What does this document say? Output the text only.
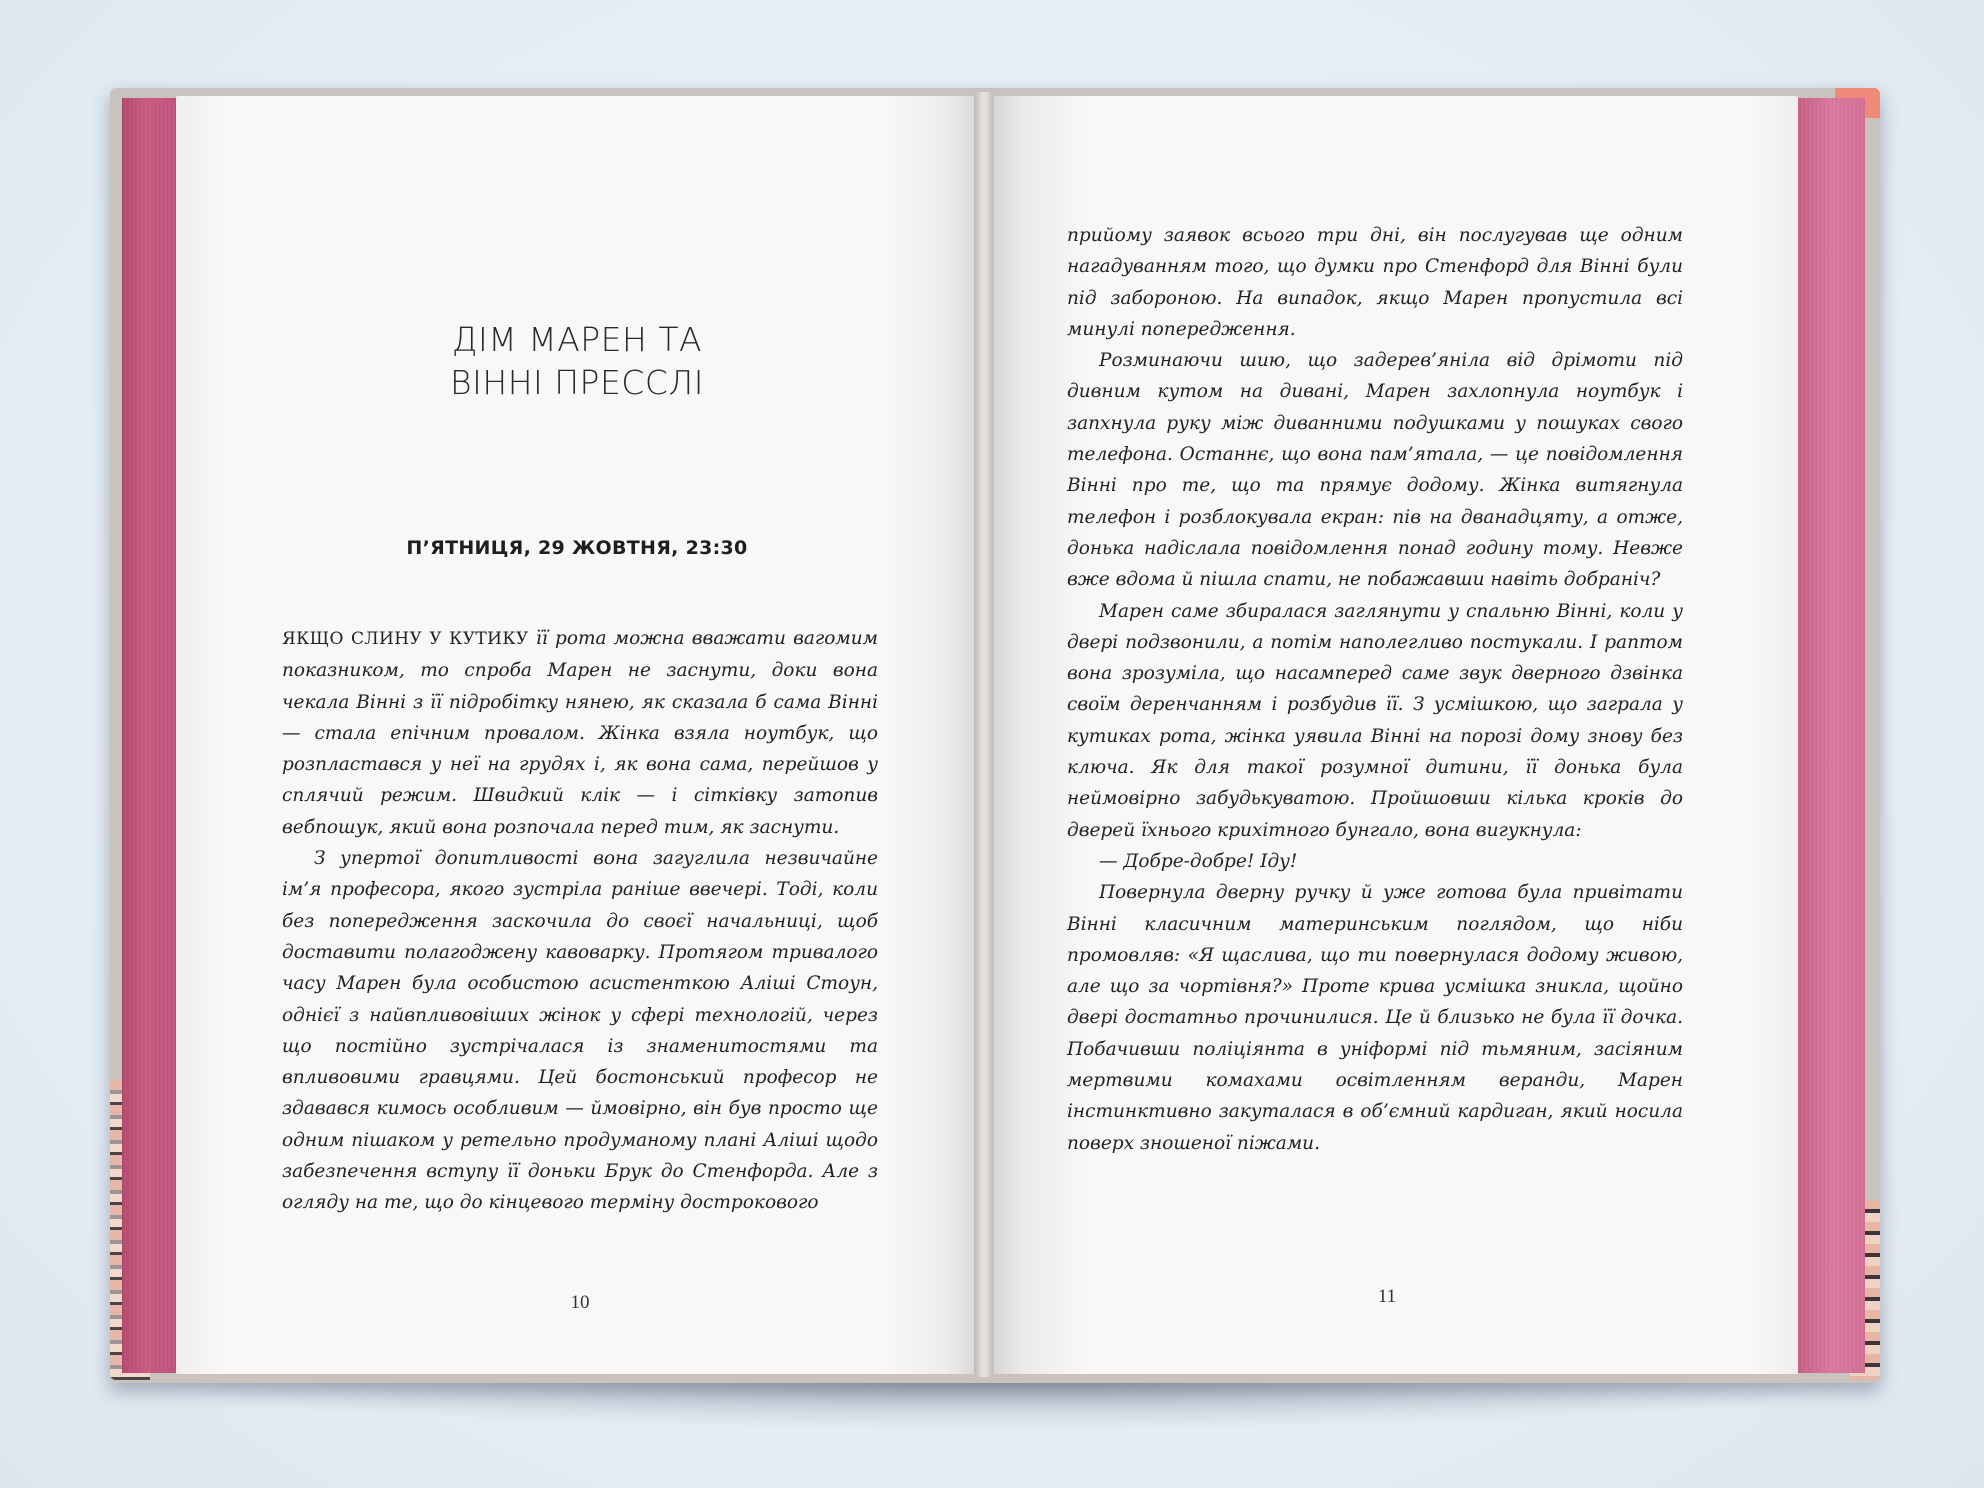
ДІМ МАРЕН ТА
ВІННІ ПРЕССЛІ
П’ЯТНИЦЯ, 29 ЖОВТНЯ, 23:30

ЯКЩО СЛИНУ У КУТИКУ її рота можна вважати вагомим показником, то спроба Марен не заснути, доки вона чекала Вінні з її підробітку нянею, як сказала б сама Вінні — стала епічним провалом. Жінка взяла ноутбук, що розпластався у неї на грудях і, як вона сама, перейшов у сплячий режим. Швидкий клік — і сітківку затопив вебпошук, який вона розпочала перед тим, як заснути.

З упертої допитливості вона загуглила незвичайне ім’я професора, якого зустріла раніше ввечері. Тоді, коли без попередження заскочила до своєї начальниці, щоб доставити полагоджену кавоварку. Протягом тривалого часу Марен була особистою асистенткою Аліші Стоун, однієї з найвпливовіших жінок у сфері технологій, через що постійно зустрічалася із знаменитостями та впливовими гравцями. Цей бостонський професор не здавався кимось особливим — ймовірно, він був просто ще одним пішаком у ретельно продуманому плані Аліші щодо забезпечення вступу її доньки Брук до Стенфорда. Але з огляду на те, що до кінцевого терміну дострокового

10

прийому заявок всього три дні, він послугував ще одним нагадуванням того, що думки про Стенфорд для Вінні були під забороною. На випадок, якщо Марен пропустила всі минулі попередження.

Розминаючи шию, що задерев’яніла від дрімоти під дивним кутом на дивані, Марен захлопнула ноутбук і запхнула руку між диванними подушками у пошуках свого телефона. Останнє, що вона пам’ятала, — це повідомлення Вінні про те, що та прямує додому. Жінка витягнула телефон і розблокувала екран: пів на дванадцяту, а отже, донька надіслала повідомлення понад годину тому. Невже вже вдома й пішла спати, не побажавши навіть добраніч?

Марен саме збиралася заглянути у спальню Вінні, коли у двері подзвонили, а потім наполегливо постукали. І раптом вона зрозуміла, що насамперед саме звук дверного дзвінка своїм деренчанням і розбудив її. З усмішкою, що заграла у кутиках рота, жінка уявила Вінні на порозі дому знову без ключа. Як для такої розумної дитини, її донька була неймовірно забудькуватою. Пройшовши кілька кроків до дверей їхнього крихітного бунгало, вона вигукнула:

— Добре-добре! Іду!

Повернула дверну ручку й уже готова була привітати Вінні класичним материнським поглядом, що ніби промовляв: «Я щаслива, що ти повернулася додому живою, але що за чортівня?» Проте крива усмішка зникла, щойно двері достатньо прочинилися. Це й близько не була її дочка. Побачивши поліціянта в уніформі під тьмяним, засіяним мертвими комахами освітленням веранди, Марен інстинктивно закуталася в об’ємний кардиган, який носила поверх зношеної піжами.

11
